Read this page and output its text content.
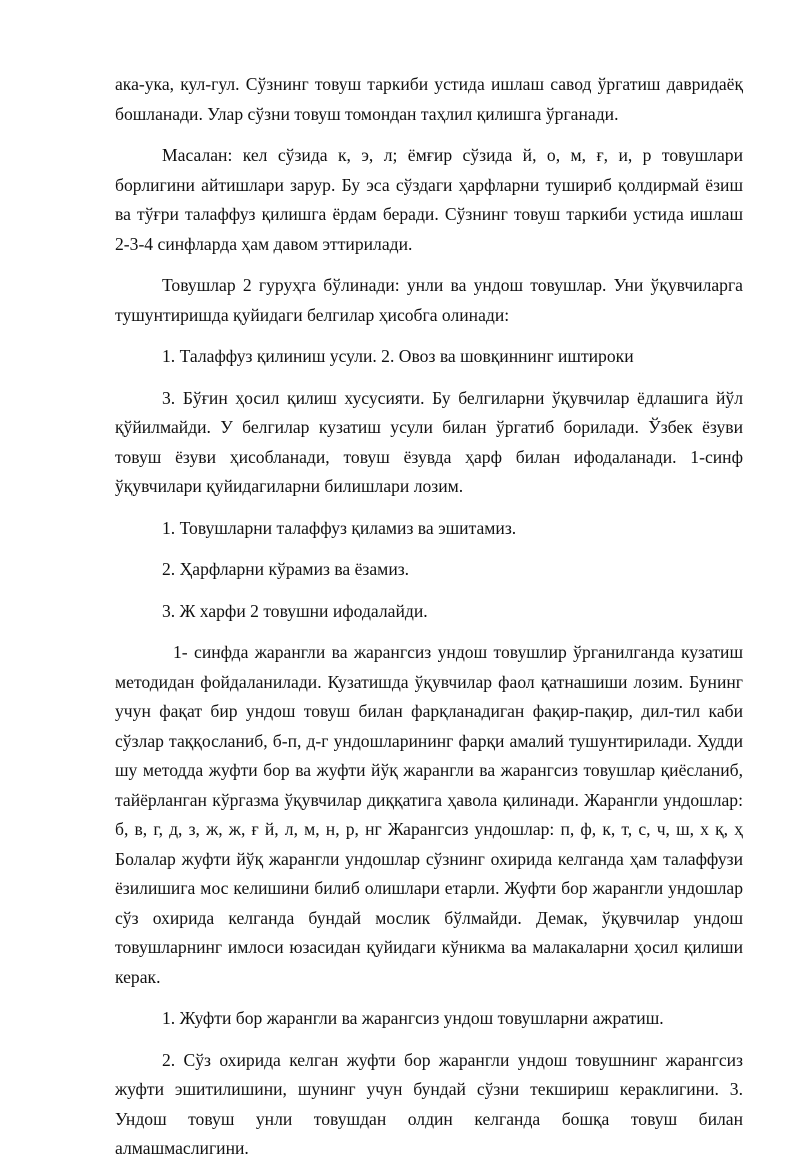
ака-ука, кул-гул. Сўзнинг товуш таркиби устида ишлаш савод ўргатиш давридаёқ бошланади. Улар сўзни товуш томондан таҳлил қилишга ўрганади.

Масалан: кел сўзида к, э, л; ёмғир сўзида й, о, м, ғ, и, р товушлари борлигини айтишлари зарур. Бу эса сўздаги ҳарфларни тушириб қолдирмай ёзиш ва тўғри талаффуз қилишга ёрдам беради. Сўзнинг товуш таркиби устида ишлаш 2-3-4 синфларда ҳам давом эттирилади.

Товушлар 2 гуруҳга бўлинади: унли ва ундош товушлар. Уни ўқувчиларга тушунтиришда қуйидаги белгилар ҳисобга олинади:

1. Талаффуз қилиниш усули. 2. Овоз ва шовқиннинг иштироки

3. Бўғин ҳосил қилиш хусусияти. Бу белгиларни ўқувчилар ёдлашига йўл қўйилмайди. У белгилар кузатиш усули билан ўргатиб борилади. Ўзбек ёзуви товуш ёзуви ҳисобланади, товуш ёзувда ҳарф билан ифодаланади. 1-синф ўқувчилари қуйидагиларни билишлари лозим.

1. Товушларни талаффуз қиламиз ва эшитамиз.

2. Ҳарфларни кўрамиз ва ёзамиз.

3. Ж харфи 2 товушни ифодалайди.

1- синфда жарангли ва жарангсиз ундош товушлир ўрганилганда кузатиш методидан фойдаланилади. Кузатишда ўқувчилар фаол қатнашиши лозим. Бунинг учун фақат бир ундош товуш билан фарқланадиган фақир-пақир, дил-тил каби сўзлар таққосланиб, б-п, д-г ундошларининг фарқи амалий тушунтирилади. Худди шу методда жуфти бор ва жуфти йўқ жарангли ва жарангсиз товушлар қиёсланиб, тайёрланган кўргазма ўқувчилар диққатига ҳавола қилинади. Жарангли ундошлар: б, в, г, д, з, ж, ж, ғ й, л, м, н, р, нг Жарангсиз ундошлар: п, ф, к, т, с, ч, ш, х қ, ҳ Болалар жуфти йўқ жарангли ундошлар сўзнинг охирида келганда ҳам талаффузи ёзилишига мос келишини билиб олишлари етарли. Жуфти бор жарангли ундошлар сўз охирида келганда бундай мослик бўлмайди. Демак, ўқувчилар ундош товушларнинг имлоси юзасидан қуйидаги кўникма ва малакаларни ҳосил қилиши керак.

1. Жуфти бор жарангли ва жарангсиз ундош товушларни ажратиш.

2. Сўз охирида келган жуфти бор жарангли ундош товушнинг жарангсиз жуфти эшитилишини, шунинг учун бундай сўзни текшириш кераклигини. 3. Ундош товуш унли товушдан олдин келганда бошқа товуш билан алмашмаслигини.
